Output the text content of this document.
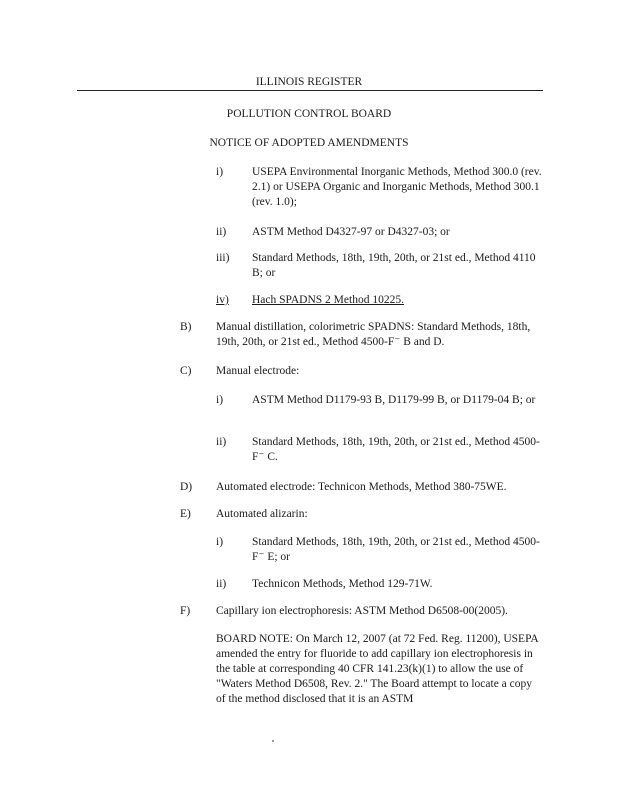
ILLINOIS REGISTER
POLLUTION CONTROL BOARD
NOTICE OF ADOPTED AMENDMENTS
i)	USEPA Environmental Inorganic Methods, Method 300.0 (rev. 2.1) or USEPA Organic and Inorganic Methods, Method 300.1 (rev. 1.0);
ii) ASTM Method D4327-97 or D4327-03; or
iii) Standard Methods, 18th, 19th, 20th, or 21st ed., Method 4110 B; or
iv) Hach SPADNS 2 Method 10225.
B) Manual distillation, colorimetric SPADNS: Standard Methods, 18th, 19th, 20th, or 21st ed., Method 4500-F⁻ B and D.
C) Manual electrode:
i)	ASTM Method D1179-93 B, D1179-99 B, or D1179-04 B; or
ii) Standard Methods, 18th, 19th, 20th, or 21st ed., Method 4500-F⁻ C.
D) Automated electrode: Technicon Methods, Method 380-75WE.
E) Automated alizarin:
i)	Standard Methods, 18th, 19th, 20th, or 21st ed., Method 4500-F⁻ E; or
ii) Technicon Methods, Method 129-71W.
F) Capillary ion electrophoresis: ASTM Method D6508-00(2005).
BOARD NOTE: On March 12, 2007 (at 72 Fed. Reg. 11200), USEPA amended the entry for fluoride to add capillary ion electrophoresis in the table at corresponding 40 CFR 141.23(k)(1) to allow the use of "Waters Method D6508, Rev. 2." The Board attempt to locate a copy of the method disclosed that it is an ASTM
